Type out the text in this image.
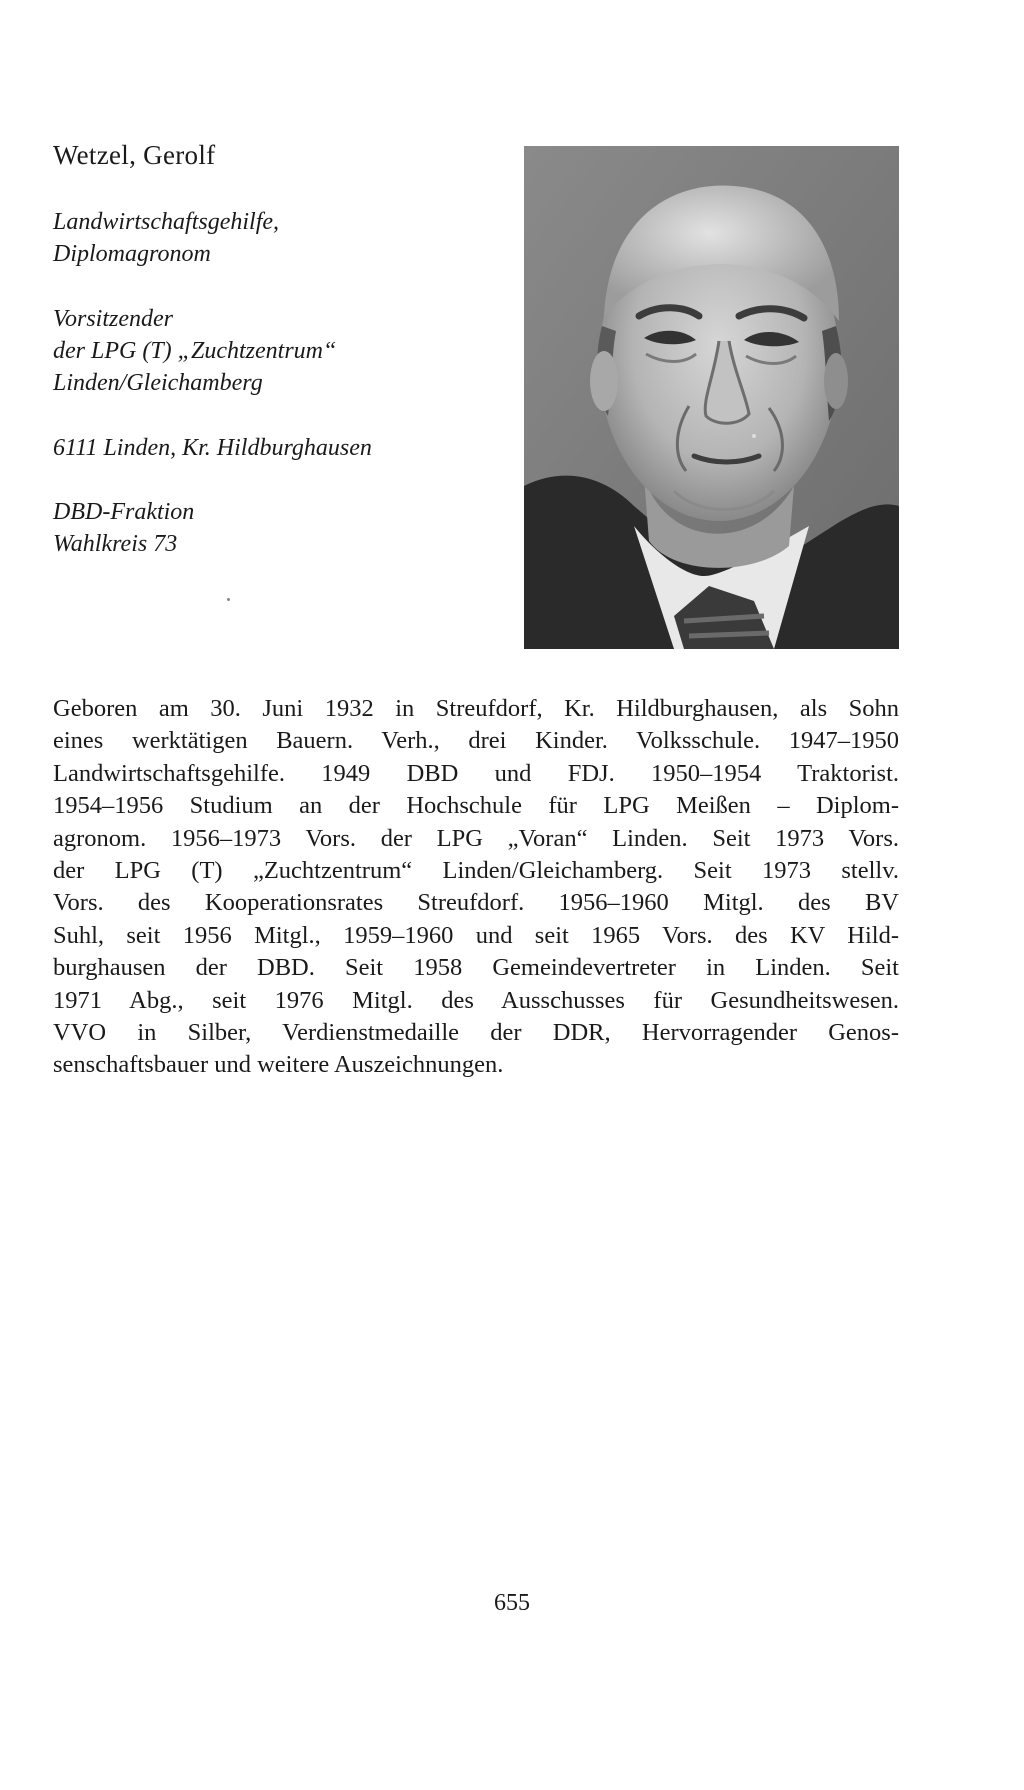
Wetzel, Gerolf
Landwirtschaftsgehilfe,
Diplomagronom
Vorsitzender
der LPG (T) „Zuchtzentrum“
Linden/Gleichamberg
6111 Linden, Kr. Hildburghausen
DBD-Fraktion
Wahlkreis 73
Geboren am 30. Juni 1932 in Streufdorf, Kr. Hildburghausen, als Sohn
eines werktätigen Bauern. Verh., drei Kinder. Volksschule. 1947–1950
Landwirtschaftsgehilfe. 1949 DBD und FDJ. 1950–1954 Traktorist.
1954–1956 Studium an der Hochschule für LPG Meißen – Diplom-
agronom. 1956–1973 Vors. der LPG „Voran“ Linden. Seit 1973 Vors.
der LPG (T) „Zuchtzentrum“ Linden/Gleichamberg. Seit 1973 stellv.
Vors. des Kooperationsrates Streufdorf. 1956–1960 Mitgl. des BV
Suhl, seit 1956 Mitgl., 1959–1960 und seit 1965 Vors. des KV Hild-
burghausen der DBD. Seit 1958 Gemeindevertreter in Linden. Seit
1971 Abg., seit 1976 Mitgl. des Ausschusses für Gesundheitswesen.
VVO in Silber, Verdienstmedaille der DDR, Hervorragender Genos-
senschaftsbauer und weitere Auszeichnungen.
655
